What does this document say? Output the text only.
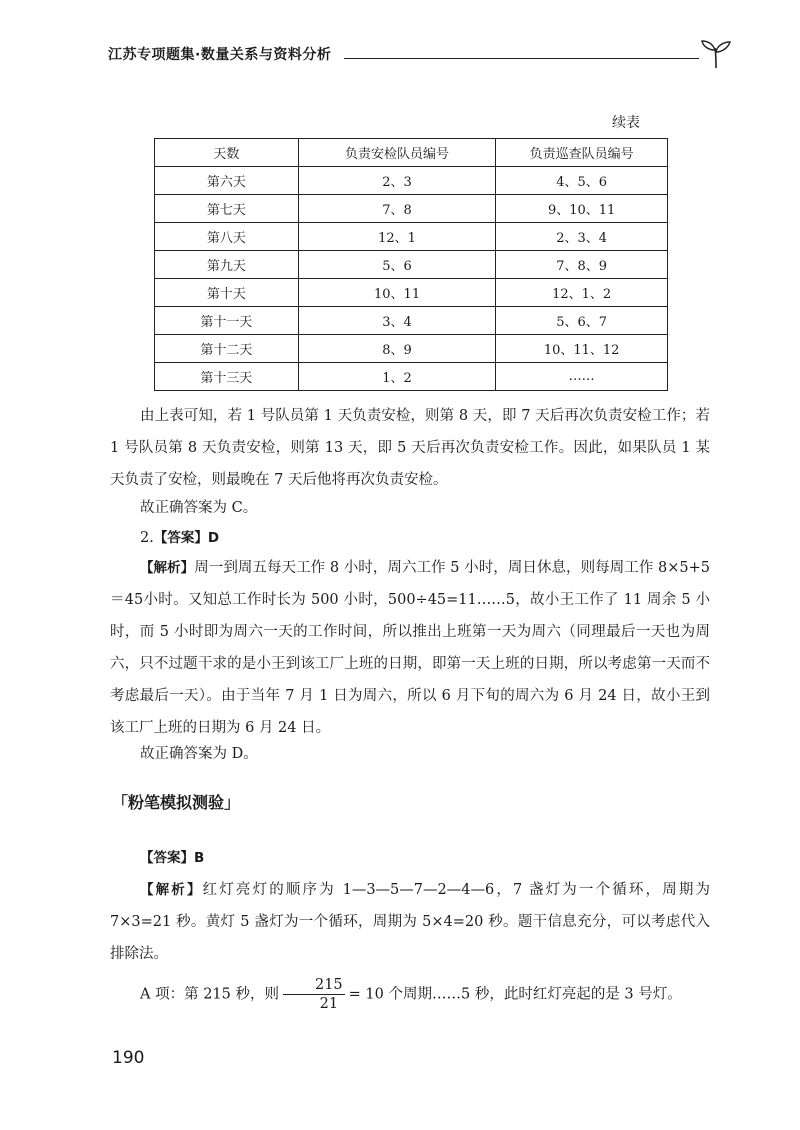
江苏专项题集·数量关系与资料分析
续表
天数	负责安检队员编号	负责巡查队员编号
第六天	2、3	4、5、6
第七天	7、8	9、10、11
第八天	12、1	2、3、4
第九天	5、6	7、8、9
第十天	10、11	12、1、2
第十一天	3、4	5、6、7
第十二天	8、9	10、11、12
第十三天	1、2	……
由上表可知，若 1 号队员第 1 天负责安检，则第 8 天，即 7 天后再次负责安检工作；若 1 号队员第 8 天负责安检，则第 13 天，即 5 天后再次负责安检工作。因此，如果队员 1 某天负责了安检，则最晚在 7 天后他将再次负责安检。
故正确答案为 C。
2.【答案】D
【解析】周一到周五每天工作 8 小时，周六工作 5 小时，周日休息，则每周工作 8×5+5＝45小时。又知总工作时长为 500 小时，500÷45=11……5，故小王工作了 11 周余 5 小时，而 5 小时即为周六一天的工作时间，所以推出上班第一天为周六（同理最后一天也为周六，只不过题干求的是小王到该工厂上班的日期，即第一天上班的日期，所以考虑第一天而不考虑最后一天）。由于当年 7 月 1 日为周六，所以 6 月下旬的周六为 6 月 24 日，故小王到该工厂上班的日期为 6 月 24 日。
故正确答案为 D。
「粉笔模拟测验」
【答案】B
【解析】红灯亮灯的顺序为 1—3—5—7—2—4—6，7 盏灯为一个循环，周期为 7×3=21 秒。黄灯 5 盏灯为一个循环，周期为 5×4=20 秒。题干信息充分，可以考虑代入排除法。
A 项：第 215 秒，则 $\frac{215}{21} = 10$ 个周期……5 秒，此时红灯亮起的是 3 号灯。
190
